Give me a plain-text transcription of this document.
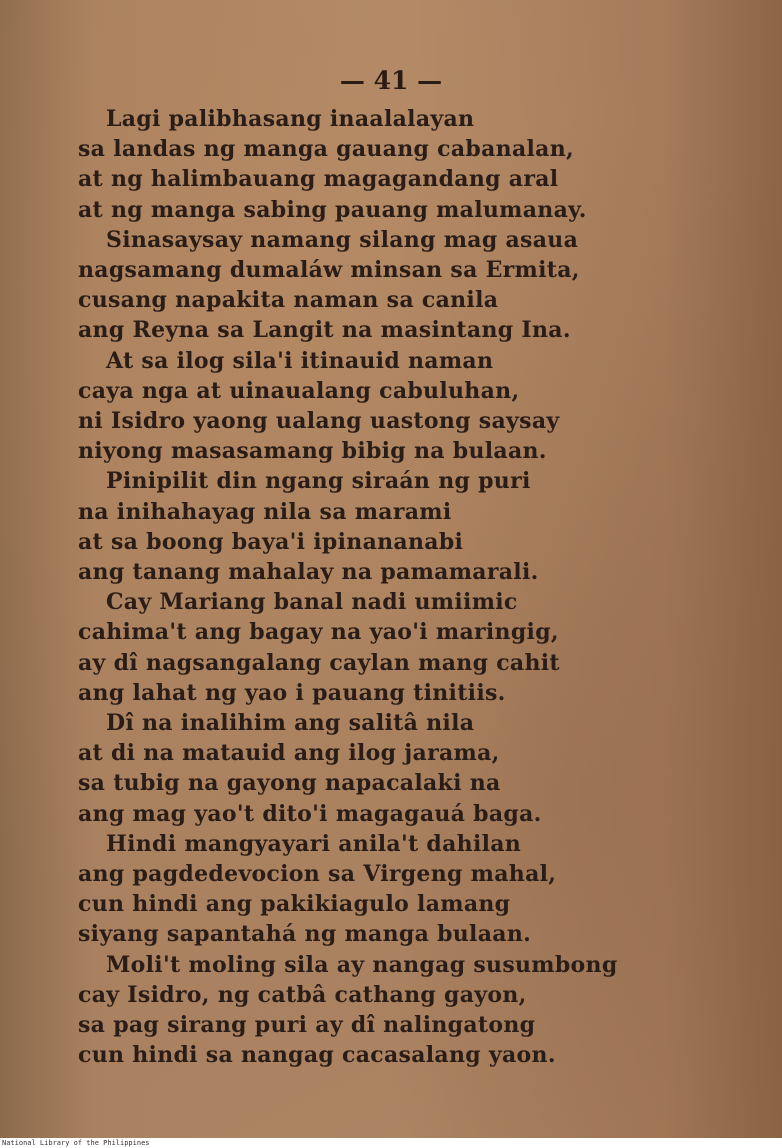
— 41 —
Lagi palibhasang inaalalayan
sa landas ng manga gauang cabanalan,
at ng halimbauang magagandang aral
at ng manga sabing pauang malumanay.
Sinasaysay namang silang mag asaua
nagsamang dumaláw minsan sa Ermita,
cusang napakita naman sa canila
ang Reyna sa Langit na masintang Ina.
At sa ilog sila'i itinauid naman
caya nga at uinaualang cabuluhan,
ni Isidro yaong ualang uastong saysay
niyong masasamang bibig na bulaan.
Pinipilit din ngang siraán ng puri
na inihahayag nila sa marami
at sa boong baya'i ipinananabi
ang tanang mahalay na pamamarali.
Cay Mariang banal nadi umiimic
cahima't ang bagay na yao'i maringig,
ay dî nagsangalang caylan mang cahit
ang lahat ng yao i pauang tinitiis.
Dî na inalihim ang salitâ nila
at di na matauid ang ilog jarama,
sa tubig na gayong napacalaki na
ang mag yao't dito'i magagauá baga.
Hindi mangyayari anila't dahilan
ang pagdedevocion sa Virgeng mahal,
cun hindi ang pakikiagulo lamang
siyang sapantahá ng manga bulaan.
Moli't moling sila ay nangag susumbong
cay Isidro, ng catbâ cathang gayon,
sa pag sirang puri ay dî nalingatong
cun hindi sa nangag cacasalang yaon.
National Library of the Philippines
